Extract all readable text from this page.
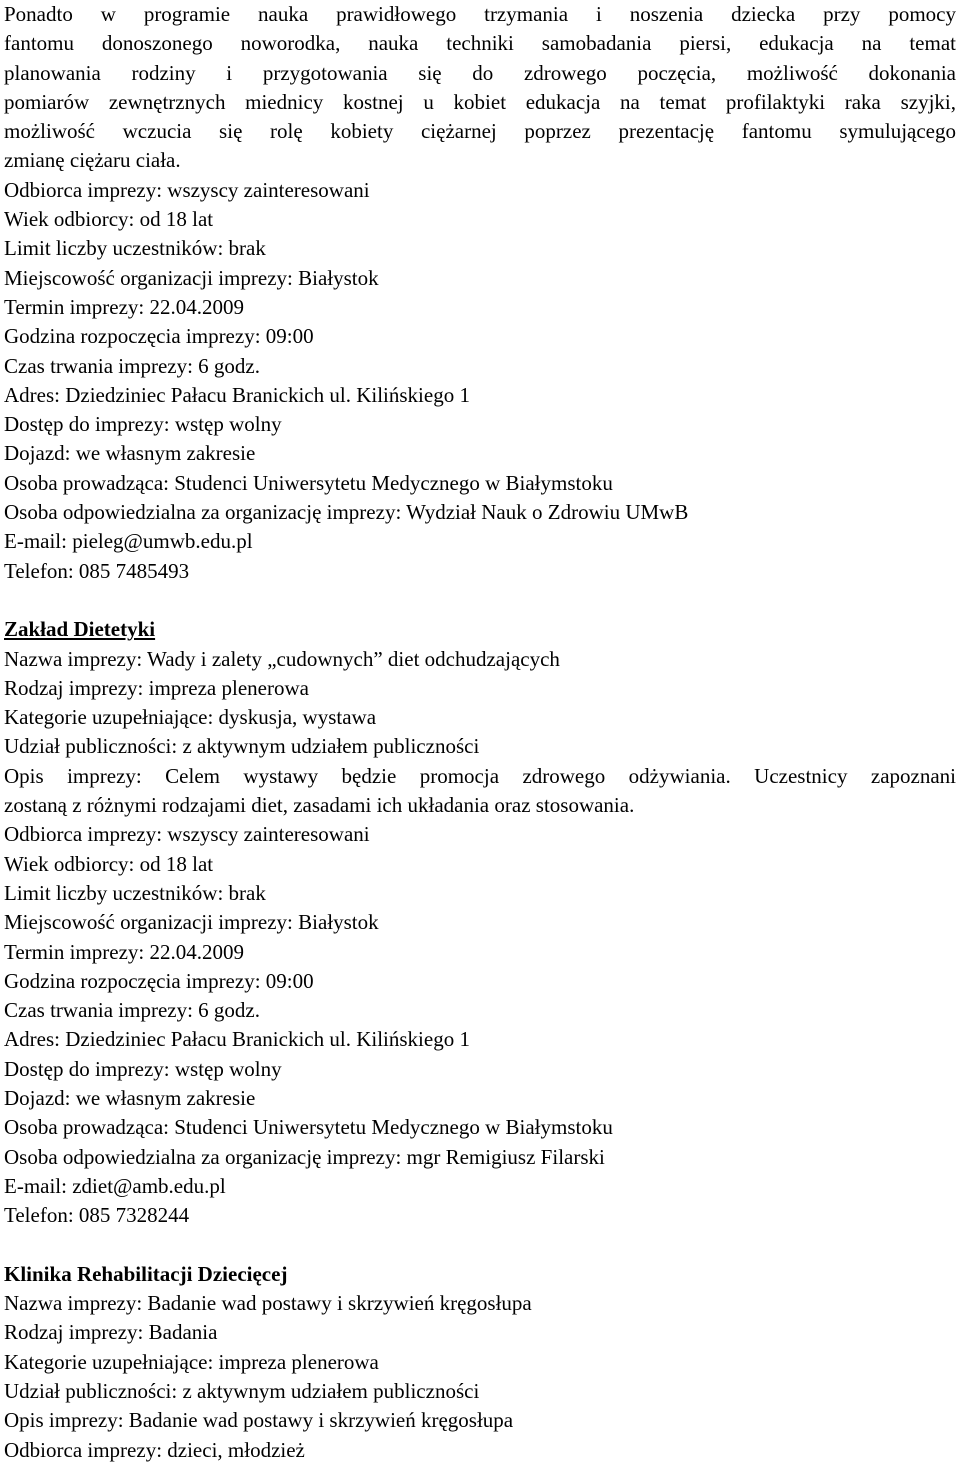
Ponadto w programie nauka prawidłowego trzymania i noszenia dziecka przy pomocy
fantomu donoszonego noworodka, nauka techniki samobadania piersi, edukacja na temat
planowania rodziny i przygotowania się do zdrowego poczęcia, możliwość dokonania
pomiarów zewnętrznych miednicy kostnej u kobiet edukacja na temat profilaktyki raka szyjki,
możliwość wczucia się rolę kobiety ciężarnej poprzez prezentację fantomu symulującego
zmianę ciężaru ciała.
Odbiorca imprezy: wszyscy zainteresowani
Wiek odbiorcy: od 18 lat
Limit liczby uczestników: brak
Miejscowość organizacji imprezy: Białystok
Termin imprezy: 22.04.2009
Godzina rozpoczęcia imprezy: 09:00
Czas trwania imprezy: 6 godz.
Adres: Dziedziniec Pałacu Branickich ul. Kilińskiego 1
Dostęp do imprezy: wstęp wolny
Dojazd: we własnym zakresie
Osoba prowadząca: Studenci Uniwersytetu Medycznego w Białymstoku
Osoba odpowiedzialna za organizację imprezy: Wydział Nauk o Zdrowiu UMwB
E-mail: pieleg@umwb.edu.pl
Telefon: 085 7485493
Zakład Dietetyki
Nazwa imprezy: Wady i zalety „cudownych” diet odchudzających
Rodzaj imprezy: impreza plenerowa
Kategorie uzupełniające: dyskusja, wystawa
Udział publiczności: z aktywnym udziałem publiczności
Opis imprezy: Celem wystawy będzie promocja zdrowego odżywiania. Uczestnicy zapoznani
zostaną z różnymi rodzajami diet, zasadami ich układania oraz stosowania.
Odbiorca imprezy: wszyscy zainteresowani
Wiek odbiorcy: od 18 lat
Limit liczby uczestników: brak
Miejscowość organizacji imprezy: Białystok
Termin imprezy: 22.04.2009
Godzina rozpoczęcia imprezy: 09:00
Czas trwania imprezy: 6 godz.
Adres: Dziedziniec Pałacu Branickich ul. Kilińskiego 1
Dostęp do imprezy: wstęp wolny
Dojazd: we własnym zakresie
Osoba prowadząca: Studenci Uniwersytetu Medycznego w Białymstoku
Osoba odpowiedzialna za organizację imprezy: mgr Remigiusz Filarski
E-mail: zdiet@amb.edu.pl
Telefon: 085 7328244
Klinika Rehabilitacji Dziecięcej
Nazwa imprezy: Badanie wad postawy i skrzywień kręgosłupa
Rodzaj imprezy: Badania
Kategorie uzupełniające: impreza plenerowa
Udział publiczności: z aktywnym udziałem publiczności
Opis imprezy: Badanie wad postawy i skrzywień kręgosłupa
Odbiorca imprezy: dzieci, młodzież
